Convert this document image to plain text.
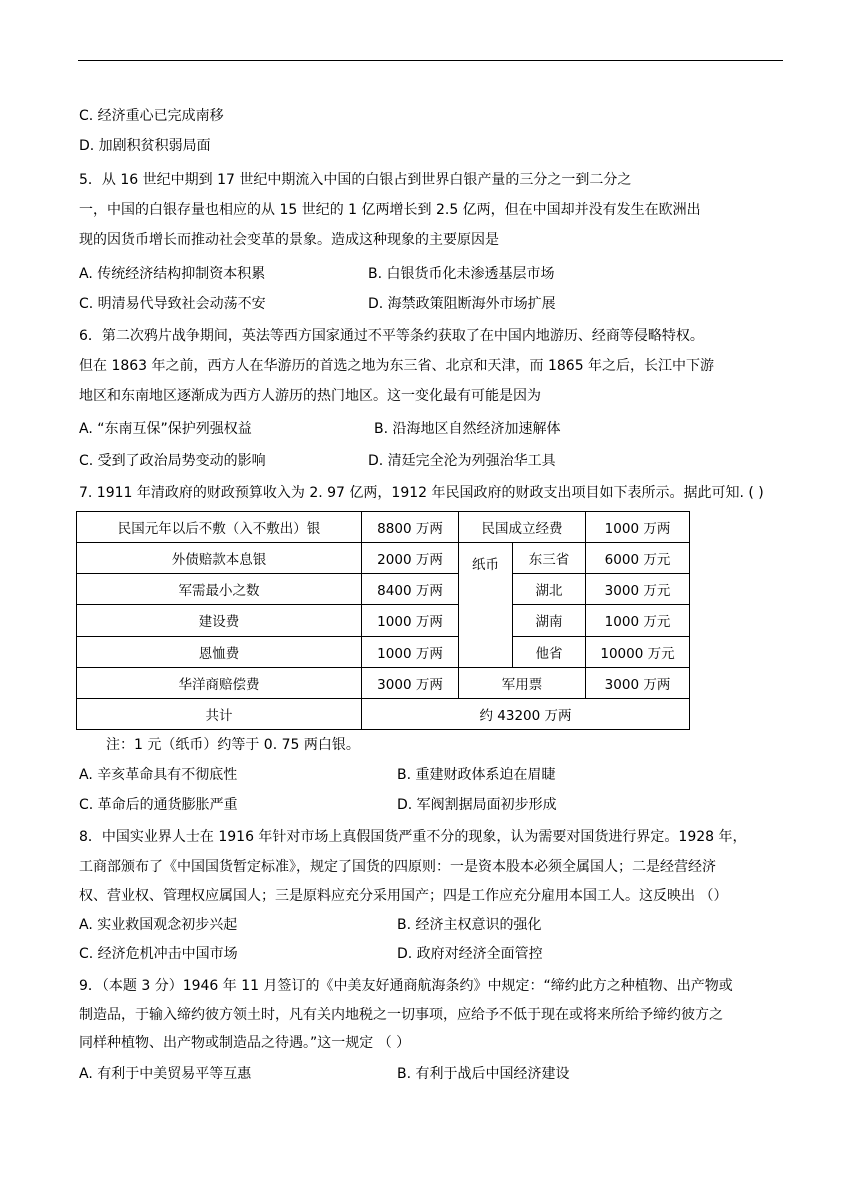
C. 经济重心已完成南移
D. 加剧积贫积弱局面
5．从 16 世纪中期到 17 世纪中期流入中国的白银占到世界白银产量的三分之一到二分之
一，中国的白银存量也相应的从 15 世纪的 1 亿两增长到 2.5 亿两，但在中国却并没有发生在欧洲出
现的因货币增长而推动社会变革的景象。造成这种现象的主要原因是
A. 传统经济结构抑制资本积累	B. 白银货币化未渗透基层市场
C. 明清易代导致社会动荡不安	D. 海禁政策阻断海外市场扩展
6．第二次鸦片战争期间，英法等西方国家通过不平等条约获取了在中国内地游历、经商等侵略特权。
但在 1863 年之前，西方人在华游历的首选之地为东三省、北京和天津，而 1865 年之后，长江中下游
地区和东南地区逐渐成为西方人游历的热门地区。这一变化最有可能是因为
A. “东南互保”保护列强权益	B. 沿海地区自然经济加速解体
C. 受到了政治局势变动的影响	D. 清廷完全沦为列强治华工具
7. 1911 年清政府的财政预算收入为 2. 97 亿两，1912 年民国政府的财政支出项目如下表所示。据此可知. ( )
民国元年以后不敷（入不敷出）银	8800 万两	民国成立经费		1000 万两
外债赔款本息银	2000 万两	纸币	东三省	6000 万元
军需最小之数	8400 万两		湖北	3000 万元
建设费	1000 万两		湖南	1000 万元
恩恤费	1000 万两		他省	10000 万元
华洋商赔偿费	3000 万两	军用票		3000 万两
共计	约 43200 万两			
注：1 元（纸币）约等于 0. 75 两白银。
A. 辛亥革命具有不彻底性	B. 重建财政体系迫在眉睫
C. 革命后的通货膨胀严重	D. 军阀割据局面初步形成
8．中国实业界人士在 1916 年针对市场上真假国货严重不分的现象，认为需要对国货进行界定。1928 年，
工商部颁布了《中国国货暂定标准》，规定了国货的四原则：一是资本股本必须全属国人；二是经营经济
权、营业权、管理权应属国人；三是原料应充分采用国产；四是工作应充分雇用本国工人。这反映出 （）
A. 实业救国观念初步兴起	B. 经济主权意识的强化
C. 经济危机冲击中国市场	D. 政府对经济全面管控
9．（本题 3 分）1946 年 11 月签订的《中美友好通商航海条约》中规定：“缔约此方之种植物、出产物或
制造品，于输入缔约彼方领土时，凡有关内地税之一切事项，应给予不低于现在或将来所给予缔约彼方之
同样种植物、出产物或制造品之待遇。”这一规定 （ ）
A. 有利于中美贸易平等互惠	B. 有利于战后中国经济建设
